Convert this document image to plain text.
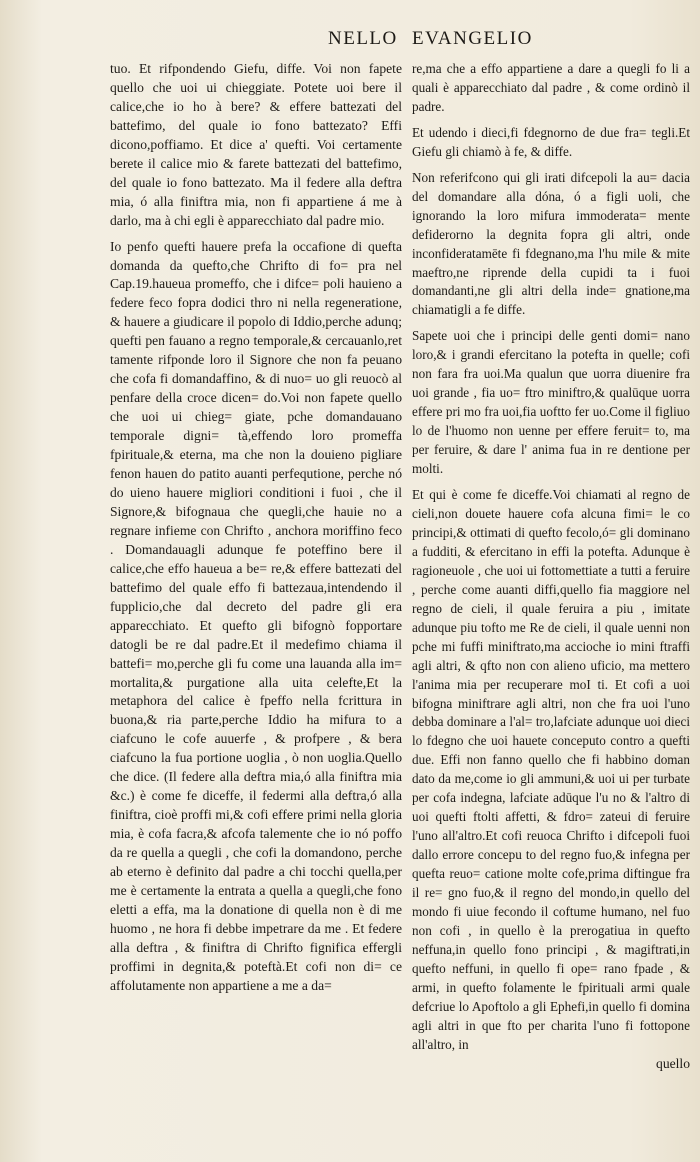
NELLO EVANGELIO

tuo. Et rifpondendo Giefu, diffe. Voi non fapete quello che uoi ui chieggiate. Potete uoi bere il calice,che io ho à bere? & effere battezati del battefimo, del quale io fono battezato? Effi dicono,poffiamo. Et dice a' quefti. Voi certamente berete il calice mio & farete battezati del battefimo, del quale io fono battezato. Ma il federe alla deftra mia, ó alla finiftra mia, non fi appartiene á me à darlo, ma à chi egli è apparecchiato dal padre mio.

Io penfo quefti hauere prefa la occafione di quefta domanda da quefto,che Chrifto di fo= pra nel Cap.19.haueua promeffo, che i difce= poli hauieno a federe feco fopra dodici thro ni nella regeneratione, & hauere a giudicare il popolo di Iddio,perche adunq; quefti pen fauano a regno temporale,& cercauanlo,ret tamente rifponde loro il Signore che non fa peuano che cofa fi domandaffino, & di nuo= uo gli reuocò al penfare della croce dicen= do.Voi non fapete quello che uoi ui chieg= giate, pche domandauano temporale digni= tà,effendo loro promeffa fpirituale,& eterna, ma che non la douieno pigliare fenon hauen do patito auanti perfequtione, perche nó do uieno hauere migliori conditioni i fuoi , che il Signore,& bifognaua che quegli,che hauie no a regnare infieme con Chrifto , anchora moriffino feco . Domandauagli adunque fe poteffino bere il calice,che effo haueua a be= re,& effere battezati del battefimo del quale effo fi battezaua,intendendo il fupplicio,che dal decreto del padre gli era apparecchiato. Et quefto gli bifognò fopportare datogli be re dal padre.Et il medefimo chiama il battefi= mo,perche gli fu come una lauanda alla im= mortalita,& purgatione alla uita celefte,Et la metaphora del calice è fpeffo nella fcrittura in buona,& ria parte,perche Iddio ha mifura to a ciafcuno le cofe auuerfe , & profpere , & bera ciafcuno la fua portione uoglia , ò non uoglia.Quello che dice. (Il federe alla deftra mia,ó alla finiftra mia &c.) è come fe diceffe, il federmi alla deftra,ó alla finiftra, cioè proffi mi,& cofi effere primi nella gloria mia, è cofa facra,& afcofa talemente che io nó poffo da re quella a quegli , che cofi la domandono, perche ab eterno è definito dal padre a chi tocchi quella,per me è certamente la entrata a quella a quegli,che fono eletti a effa, ma la donatione di quella non è di me huomo , ne hora fi debbe impetrare da me . Et federe alla deftra , & finiftra di Chrifto fignifica effergli proffimi in degnita,& poteftà.Et cofi non di= ce affolutamente non appartiene a me a da=

re,ma che a effo appartiene a dare a quegli fo li a quali è apparecchiato dal padre , & come ordinò il padre.

Et udendo i dieci,fi fdegnorno de due fra= tegli.Et Giefu gli chiamò à fe, & diffe.

Non referifcono qui gli irati difcepoli la au= dacia del domandare alla dóna, ó a figli uoli, che ignorando la loro mifura immoderata= mente defiderorno la degnita fopra gli altri, onde inconfideratamēte fi fdegnano,ma l'hu mile & mite maeftro,ne riprende della cupidi ta i fuoi domandanti,ne gli altri della inde= gnatione,ma chiamatigli a fe diffe.

Sapete uoi che i principi delle genti domi= nano loro,& i grandi efercitano la potefta in quelle; cofi non fara fra uoi.Ma qualun que uorra diuenire fra uoi grande , fia uo= ftro miniftro,& qualūque uorra effere pri mo fra uoi,fia uoftto fer uo.Come il figliuo lo de l'huomo non uenne per effere feruit= to, ma per feruire, & dare l' anima fua in re dentione per molti.

Et qui è come fe diceffe.Voi chiamati al regno de cieli,non douete hauere cofa alcuna fimi= le co principi,& ottimati di quefto fecolo,ó= gli dominano a fudditi, & efercitano in effi la potefta. Adunque è ragioneuole , che uoi ui fottomettiate a tutti a feruire , perche come auanti diffi,quello fia maggiore nel regno de cieli, il quale feruira a piu , imitate adunque piu tofto me Re de cieli, il quale uenni non pche mi fuffi miniftrato,ma accioche io mini ftraffi agli altri, & qfto non con alieno uficio, ma mettero l'anima mia per recuperare moI ti. Et cofi a uoi bifogna miniftrare agli altri, non che fra uoi l'uno debba dominare a l'al= tro,lafciate adunque uoi dieci lo fdegno che uoi hauete conceputo contro a quefti due. Effi non fanno quello che fi habbino doman dato da me,come io gli ammuni,& uoi ui per turbate per cofa indegna, lafciate adūque l'u no & l'altro di uoi quefti ftolti affetti, & fdro= zateui di feruire l'uno all'altro.Et cofi reuoca Chrifto i difcepoli fuoi dallo errore concepu to del regno fuo,& infegna per quefta reuo= catione molte cofe,prima diftingue fra il re= gno fuo,& il regno del mondo,in quello del mondo fi uiue fecondo il coftume humano, nel fuo non cofi , in quello è la prerogatiua in quefto neffuna,in quello fono principi , & magiftrati,in quefto neffuni, in quello fi ope= rano fpade , & armi, in quefto folamente le fpirituali armi quale defcriue lo Apoftolo a gli Ephefi,in quello fi domina agli altri in que fto per charita l'uno fi fottopone all'altro, in

quello
